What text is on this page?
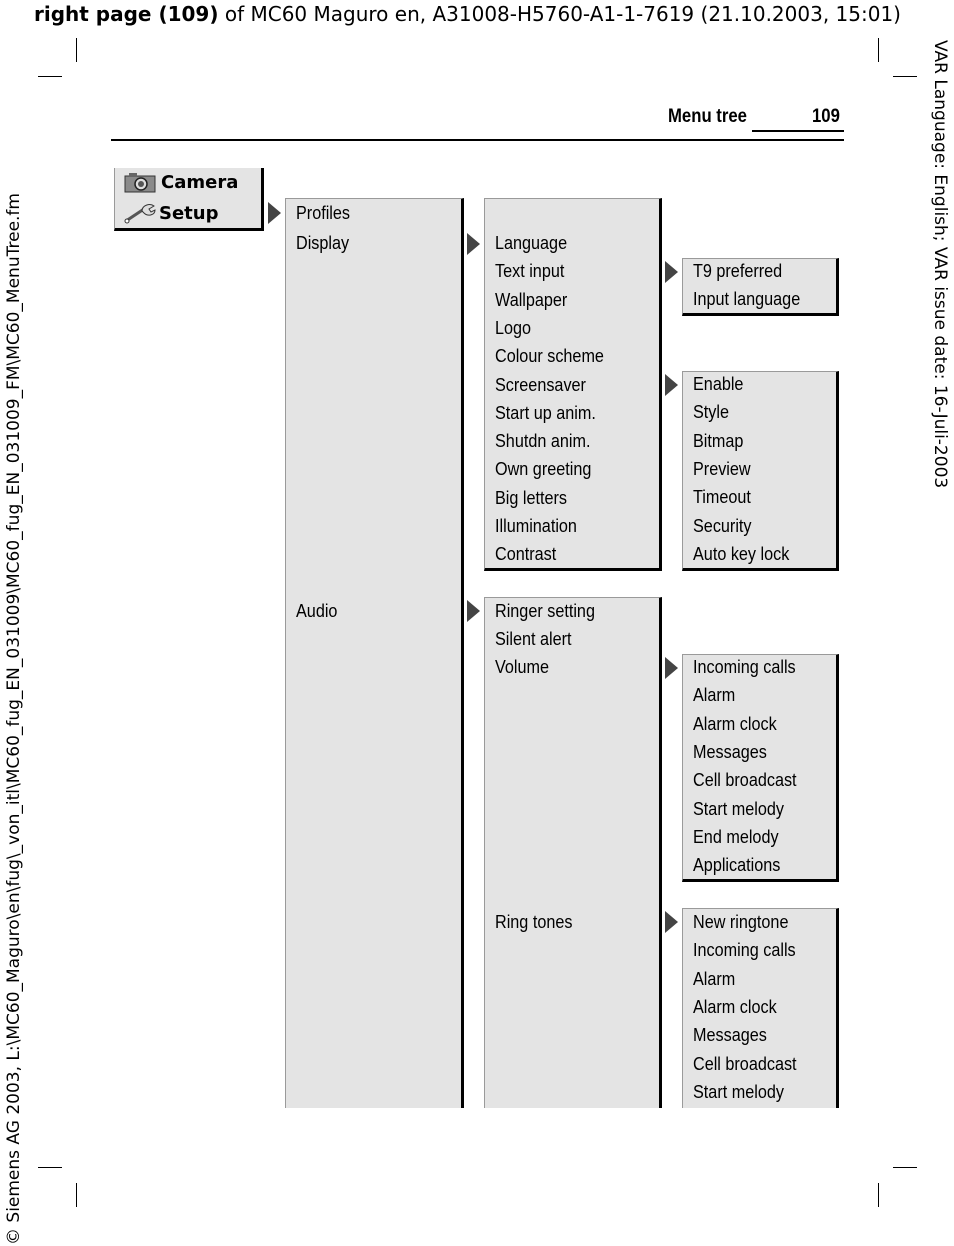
right page (109) of MC60 Maguro en, A31008-H5760-A1-1-7619 (21.10.2003, 15:01)
VAR Language: English; VAR issue date: 16-Juli-2003
© Siemens AG 2003, L:\MC60_Maguro\en\fug\_von_itl\MC60_fug_EN_031009\MC60_fug_EN_031009_FM\MC60_MenuTree.fm
Menu tree	109
Camera
Setup	Profiles
Display
Audio
Language
Text input
Wallpaper
Logo
Colour scheme
Screensaver
Start up anim.
Shutdn anim.
Own greeting
Big letters
Illumination
Contrast
T9 preferred
Input language
Enable
Style
Bitmap
Preview
Timeout
Security
Auto key lock
Ringer setting
Silent alert
Volume
Ring tones
Incoming calls
Alarm
Alarm clock
Messages
Cell broadcast
Start melody
End melody
Applications
New ringtone
Incoming calls
Alarm
Alarm clock
Messages
Cell broadcast
Start melody
